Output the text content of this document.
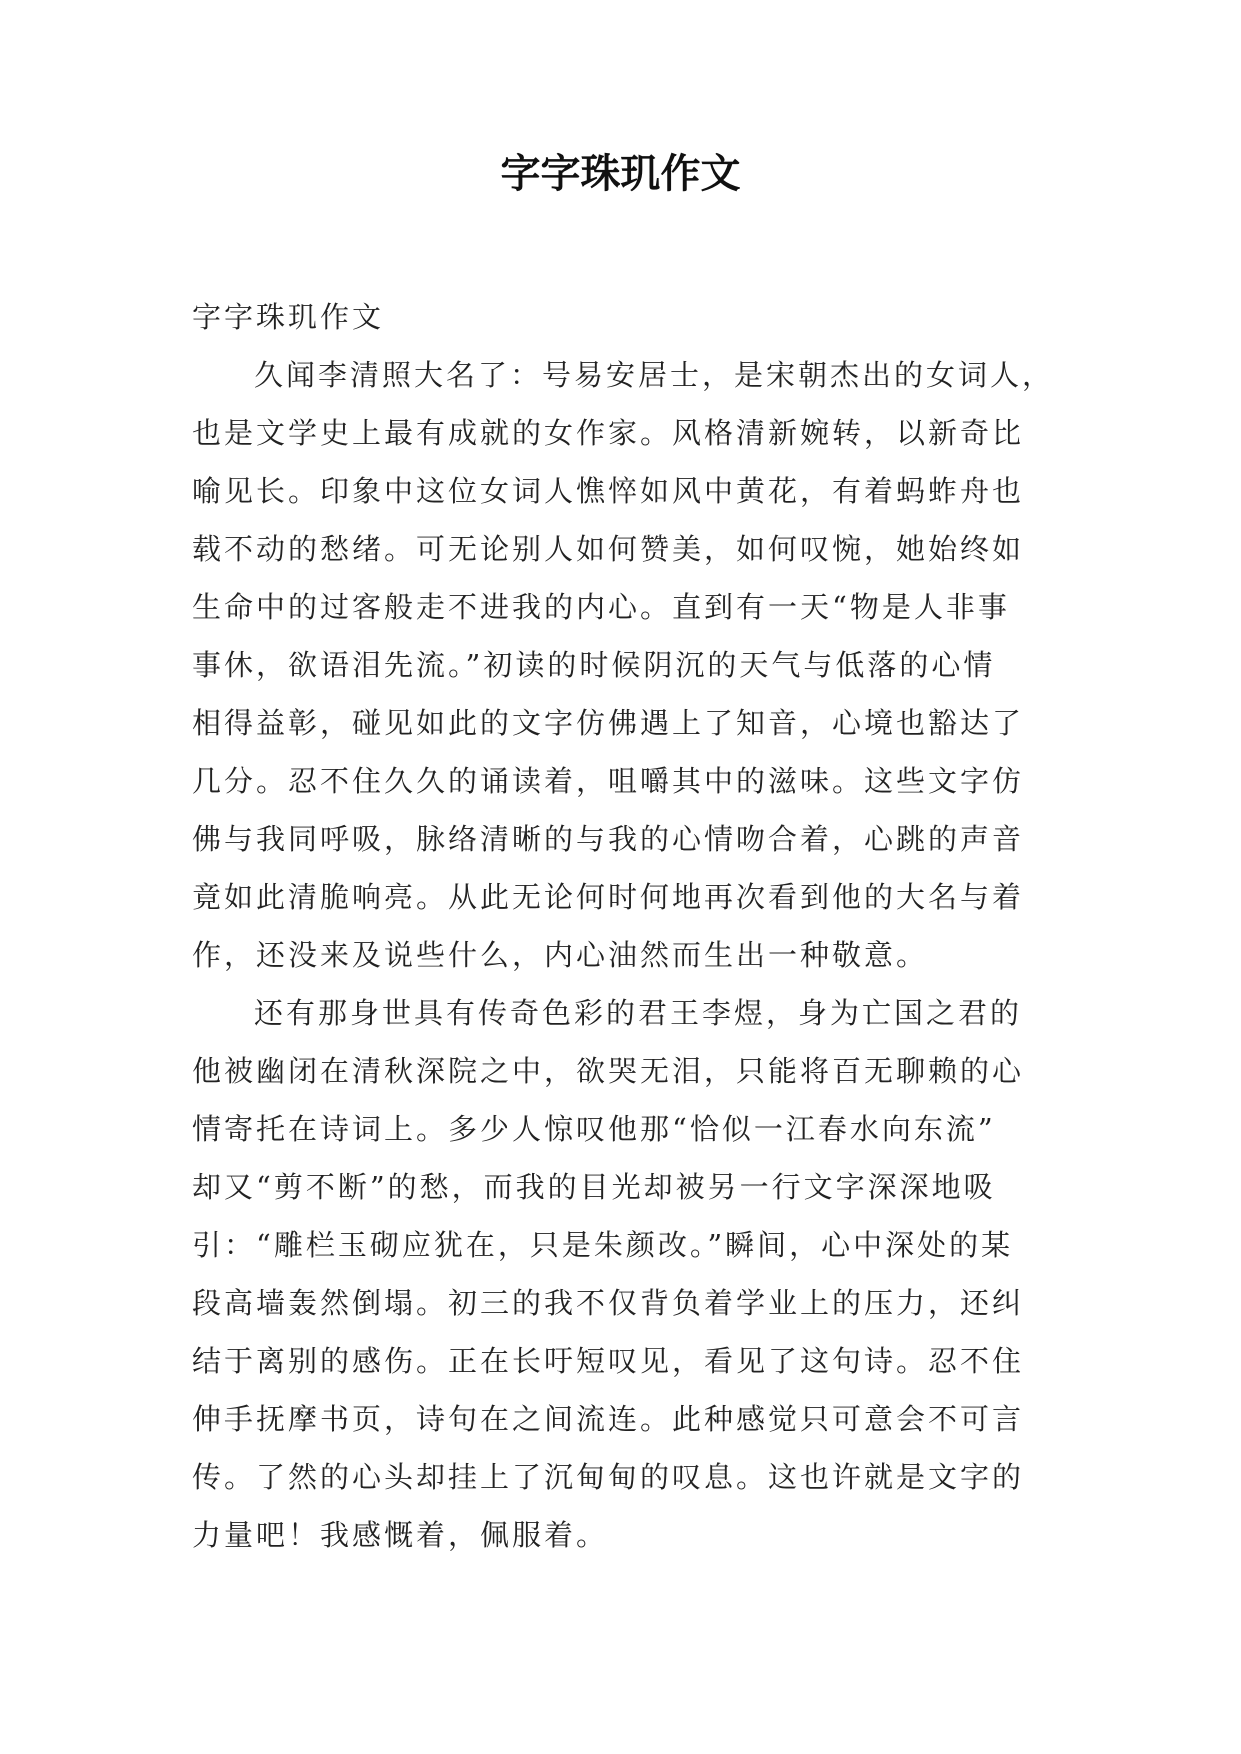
字字珠玑作文
字字珠玑作文
久闻李清照大名了：号易安居士，是宋朝杰出的女词人，
也是文学史上最有成就的女作家。风格清新婉转，以新奇比
喻见长。印象中这位女词人憔悴如风中黄花，有着蚂蚱舟也
载不动的愁绪。可无论别人如何赞美，如何叹惋，她始终如
生命中的过客般走不进我的内心。直到有一天“物是人非事
事休，欲语泪先流。”初读的时候阴沉的天气与低落的心情
相得益彰，碰见如此的文字仿佛遇上了知音，心境也豁达了
几分。忍不住久久的诵读着，咀嚼其中的滋味。这些文字仿
佛与我同呼吸，脉络清晰的与我的心情吻合着，心跳的声音
竟如此清脆响亮。从此无论何时何地再次看到他的大名与着
作，还没来及说些什么，内心油然而生出一种敬意。
还有那身世具有传奇色彩的君王李煜，身为亡国之君的
他被幽闭在清秋深院之中，欲哭无泪，只能将百无聊赖的心
情寄托在诗词上。多少人惊叹他那“恰似一江春水向东流”
却又“剪不断”的愁，而我的目光却被另一行文字深深地吸
引：“雕栏玉砌应犹在，只是朱颜改。”瞬间，心中深处的某
段高墙轰然倒塌。初三的我不仅背负着学业上的压力，还纠
结于离别的感伤。正在长吁短叹见，看见了这句诗。忍不住
伸手抚摩书页，诗句在之间流连。此种感觉只可意会不可言
传。了然的心头却挂上了沉甸甸的叹息。这也许就是文字的
力量吧！我感慨着，佩服着。
